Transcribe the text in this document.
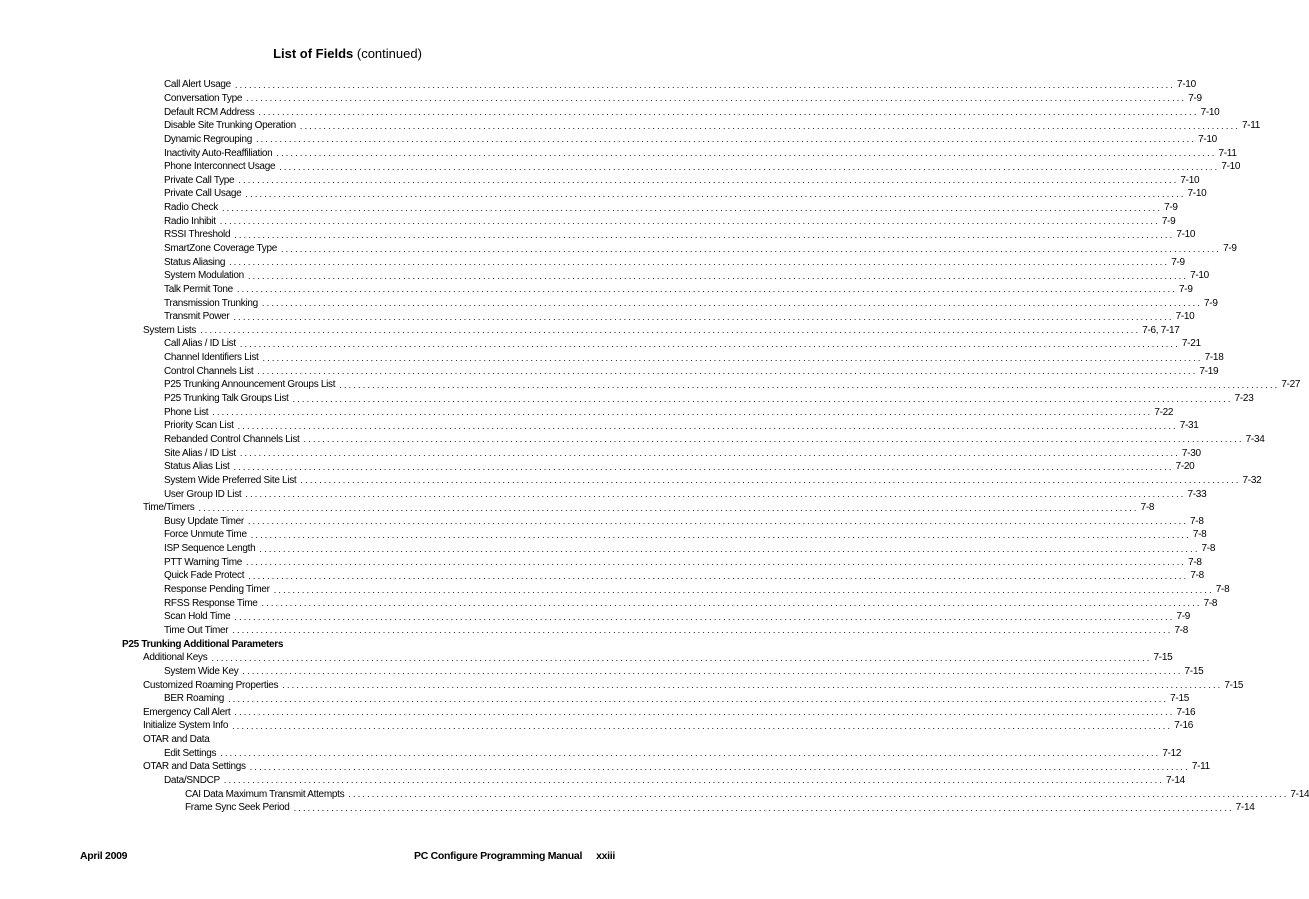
List of Fields (continued)
Call Alert Usage ........................................................................................................................................................................................................ 7-10
Conversation Type ........................................................................................................................................................................................................ 7-9
Default RCM Address ........................................................................................................................................................................................................ 7-10
Disable Site Trunking Operation ........................................................................................................................................................................................................ 7-11
Dynamic Regrouping ........................................................................................................................................................................................................ 7-10
Inactivity Auto-Reaffiliation ........................................................................................................................................................................................................ 7-11
Phone Interconnect Usage ........................................................................................................................................................................................................ 7-10
Private Call Type ........................................................................................................................................................................................................ 7-10
Private Call Usage ........................................................................................................................................................................................................ 7-10
Radio Check ........................................................................................................................................................................................................ 7-9
Radio Inhibit ........................................................................................................................................................................................................ 7-9
RSSI Threshold ........................................................................................................................................................................................................ 7-10
SmartZone Coverage Type ........................................................................................................................................................................................................ 7-9
Status Aliasing ........................................................................................................................................................................................................ 7-9
System Modulation ........................................................................................................................................................................................................ 7-10
Talk Permit Tone ........................................................................................................................................................................................................ 7-9
Transmission Trunking ........................................................................................................................................................................................................ 7-9
Transmit Power ........................................................................................................................................................................................................ 7-10
System Lists ........................................................................................................................................................................................................ 7-6, 7-17
Call Alias / ID List ........................................................................................................................................................................................................ 7-21
Channel Identifiers List ........................................................................................................................................................................................................ 7-18
Control Channels List ........................................................................................................................................................................................................ 7-19
P25 Trunking Announcement Groups List ........................................................................................................................................................................................................ 7-27
P25 Trunking Talk Groups List ........................................................................................................................................................................................................ 7-23
Phone List ........................................................................................................................................................................................................ 7-22
Priority Scan List ........................................................................................................................................................................................................ 7-31
Rebanded Control Channels List ........................................................................................................................................................................................................ 7-34
Site Alias / ID List ........................................................................................................................................................................................................ 7-30
Status Alias List ........................................................................................................................................................................................................ 7-20
System Wide Preferred Site List ........................................................................................................................................................................................................ 7-32
User Group ID List ........................................................................................................................................................................................................ 7-33
Time/Timers ........................................................................................................................................................................................................ 7-8
Busy Update Timer ........................................................................................................................................................................................................ 7-8
Force Unmute Time ........................................................................................................................................................................................................ 7-8
ISP Sequence Length ........................................................................................................................................................................................................ 7-8
PTT Warning Time ........................................................................................................................................................................................................ 7-8
Quick Fade Protect ........................................................................................................................................................................................................ 7-8
Response Pending Timer ........................................................................................................................................................................................................ 7-8
RFSS Response Time ........................................................................................................................................................................................................ 7-8
Scan Hold Time ........................................................................................................................................................................................................ 7-9
Time Out Timer ........................................................................................................................................................................................................ 7-8
P25 Trunking Additional Parameters
Additional Keys ........................................................................................................................................................................................................ 7-15
System Wide Key ........................................................................................................................................................................................................ 7-15
Customized Roaming Properties ........................................................................................................................................................................................................ 7-15
BER Roaming ........................................................................................................................................................................................................ 7-15
Emergency Call Alert ........................................................................................................................................................................................................ 7-16
Initialize System Info ........................................................................................................................................................................................................ 7-16
OTAR and Data
Edit Settings ........................................................................................................................................................................................................ 7-12
OTAR and Data Settings ........................................................................................................................................................................................................ 7-11
Data/SNDCP ........................................................................................................................................................................................................ 7-14
CAI Data Maximum Transmit Attempts ........................................................................................................................................................................................................ 7-14
Frame Sync Seek Period ........................................................................................................................................................................................................ 7-14
April 2009	PC Configure Programming Manual xxiii
